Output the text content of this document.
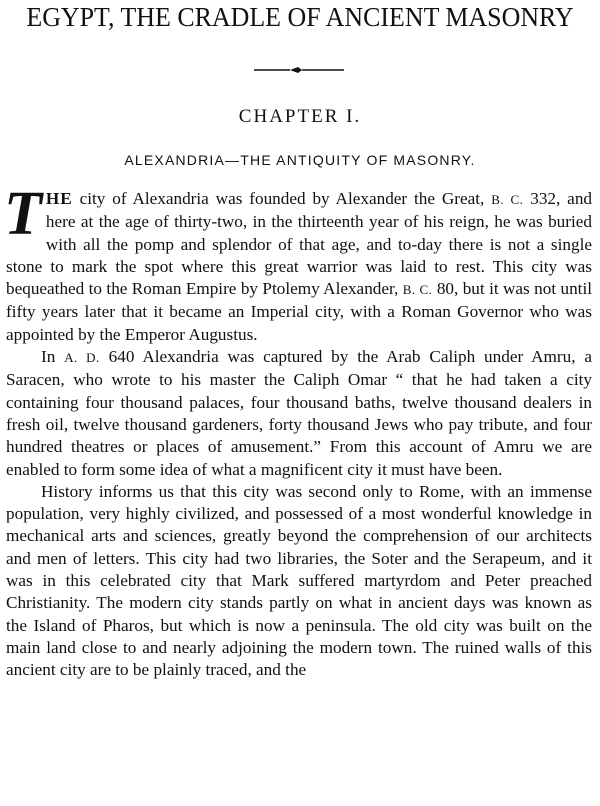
EGYPT, THE CRADLE OF ANCIENT MASONRY
CHAPTER I.
ALEXANDRIA—THE ANTIQUITY OF MASONRY.

THE city of Alexandria was founded by Alexander the Great, B. C. 332, and here at the age of thirty-two, in the thirteenth year of his reign, he was buried with all the pomp and splendor of that age, and to-day there is not a single stone to mark the spot where this great warrior was laid to rest. This city was bequeathed to the Roman Empire by Ptolemy Alexander, B. C. 80, but it was not until fifty years later that it became an Imperial city, with a Roman Governor who was appointed by the Emperor Augustus.

In A. D. 640 Alexandria was captured by the Arab Caliph under Amru, a Saracen, who wrote to his master the Caliph Omar “ that he had taken a city containing four thousand palaces, four thousand baths, twelve thousand dealers in fresh oil, twelve thousand gardeners, forty thousand Jews who pay tribute, and four hundred theatres or places of amusement.” From this account of Amru we are enabled to form some idea of what a magnificent city it must have been.

History informs us that this city was second only to Rome, with an immense population, very highly civilized, and possessed of a most wonderful knowledge in mechanical arts and sciences, greatly beyond the comprehension of our architects and men of letters. This city had two libraries, the Soter and the Serapeum, and it was in this celebrated city that Mark suffered martyrdom and Peter preached Christianity. The modern city stands partly on what in ancient days was known as the Island of Pharos, but which is now a peninsula. The old city was built on the main land close to and nearly adjoining the modern town. The ruined walls of this ancient city are to be plainly traced, and the
